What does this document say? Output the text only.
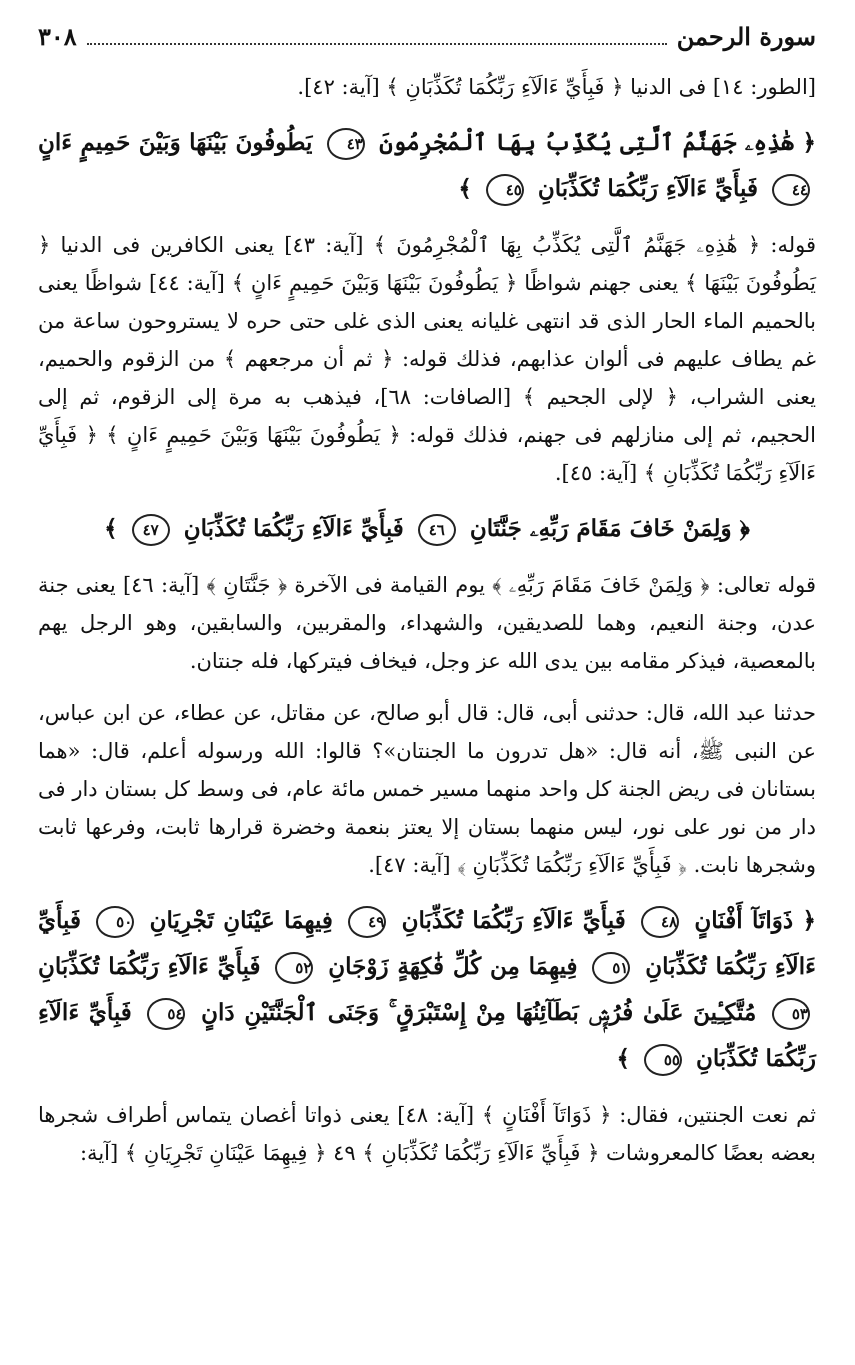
سورة الرحمن
٣٠٨

[الطور: ١٤] فى الدنيا ﴿ فَبِأَيِّ ءَالَآءِ رَبِّكُمَا تُكَذِّبَانِ ﴾ [آية: ٤٢].

﴿ هَٰذِهِۦ جَهَنَّمُ ٱلَّتِى يُكَذِّبُ بِهَا ٱلْمُجْرِمُونَ ٤٣ يَطُوفُونَ بَيْنَهَا وَبَيْنَ حَمِيمٍ ءَانٍ ٤٤ فَبِأَيِّ ءَالَآءِ رَبِّكُمَا تُكَذِّبَانِ ٤٥ ﴾

قوله: ﴿ هَٰذِهِۦ جَهَنَّمُ ٱلَّتِى يُكَذِّبُ بِهَا ٱلْمُجْرِمُونَ ﴾ [آية: ٤٣] يعنى الكافرين فى الدنيا ﴿ يَطُوفُونَ بَيْنَهَا ﴾ يعنى جهنم شواظًا ﴿ يَطُوفُونَ بَيْنَهَا وَبَيْنَ حَمِيمٍ ءَانٍ ﴾ [آية: ٤٤] شواظًا يعنى بالحميم الماء الحار الذى قد انتهى غليانه يعنى الذى غلى حتى حره لا يستروحون ساعة من غم يطاف عليهم فى ألوان عذابهم، فذلك قوله: ﴿ ثم أن مرجعهم ﴾ من الزقوم والحميم، يعنى الشراب، ﴿ لإلى الجحيم ﴾ [الصافات: ٦٨]، فيذهب به مرة إلى الزقوم، ثم إلى الحجيم، ثم إلى منازلهم فى جهنم، فذلك قوله: ﴿ يَطُوفُونَ بَيْنَهَا وَبَيْنَ حَمِيمٍ ءَانٍ ﴾ ﴿ فَبِأَيِّ ءَالَآءِ رَبِّكُمَا تُكَذِّبَانِ ﴾ [آية: ٤٥].

﴿ وَلِمَنْ خَافَ مَقَامَ رَبِّهِۦ جَنَّتَانِ ٤٦ فَبِأَيِّ ءَالَآءِ رَبِّكُمَا تُكَذِّبَانِ ٤٧ ﴾

قوله تعالى: ﴿ وَلِمَنْ خَافَ مَقَامَ رَبِّهِۦ ﴾ يوم القيامة فى الآخرة ﴿ جَنَّتَانِ ﴾ [آية: ٤٦] يعنى جنة عدن، وجنة النعيم، وهما للصديقين، والشهداء، والمقربين، والسابقين، وهو الرجل يهم بالمعصية، فيذكر مقامه بين يدى الله عز وجل، فيخاف فيتركها، فله جنتان.

حدثنا عبد الله، قال: حدثنى أبى، قال: قال أبو صالح، عن مقاتل، عن عطاء، عن ابن عباس، عن النبى ﷺ، أنه قال: «هل تدرون ما الجنتان»؟ قالوا: الله ورسوله أعلم، قال: «هما بستانان فى ريض الجنة كل واحد منهما مسير خمس مائة عام، فى وسط كل بستان دار فى دار من نور على نور، ليس منهما بستان إلا يعتز بنعمة وخضرة قرارها ثابت، وفرعها ثابت وشجرها نابت. ﴿ فَبِأَيِّ ءَالَآءِ رَبِّكُمَا تُكَذِّبَانِ ﴾ [آية: ٤٧].

﴿ ذَوَاتَآ أَفْنَانٍ ٤٨ فَبِأَيِّ ءَالَآءِ رَبِّكُمَا تُكَذِّبَانِ ٤٩ فِيهِمَا عَيْنَانِ تَجْرِيَانِ ٥٠ فَبِأَيِّ ءَالَآءِ رَبِّكُمَا تُكَذِّبَانِ ٥١ فِيهِمَا مِن كُلِّ فَٰكِهَةٍ زَوْجَانِ ٥٢ فَبِأَيِّ ءَالَآءِ رَبِّكُمَا تُكَذِّبَانِ ٥٣ مُتَّكِـِٔينَ عَلَىٰ فُرُشٍۭ بَطَآئِنُهَا مِنْ إِسْتَبْرَقٍ ۚ وَجَنَى ٱلْجَنَّتَيْنِ دَانٍ ٥٤ فَبِأَيِّ ءَالَآءِ رَبِّكُمَا تُكَذِّبَانِ ٥٥ ﴾

ثم نعت الجنتين، فقال: ﴿ ذَوَاتَآ أَفْنَانٍ ﴾ [آية: ٤٨] يعنى ذواتا أغصان يتماس أطراف شجرها بعضه بعضًا كالمعروشات ﴿ فَبِأَيِّ ءَالَآءِ رَبِّكُمَا تُكَذِّبَانِ ﴾ ٤٩ ﴿ فِيهِمَا عَيْنَانِ تَجْرِيَانِ ﴾ [آية:
